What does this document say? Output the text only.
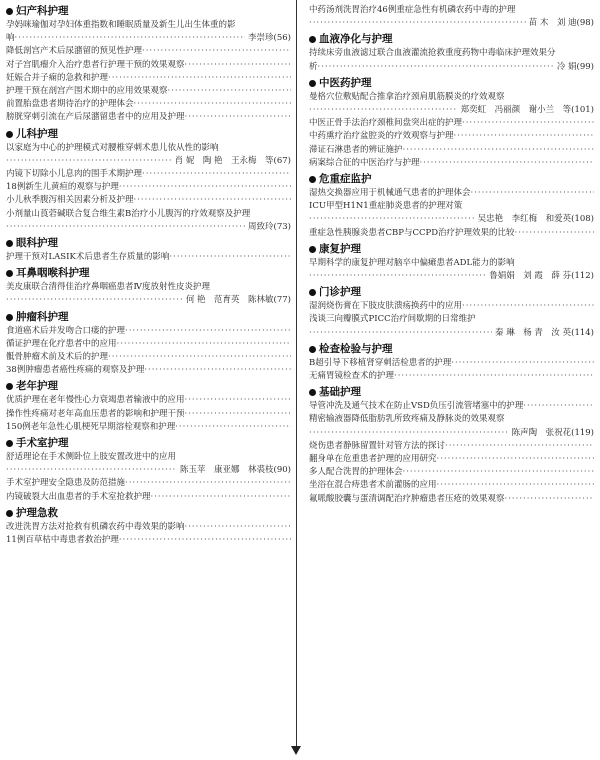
妇产科护理
孕妈咪瑜伽对孕妇体重指数和睡眠质量及新生儿出生体重的影
响 ·····	李崇珍(56)
降低剖宫产术后尿潴留的预见性护理
·····
对子宫肌瘤介入治疗患者行护理干预的效果观察
·····
妊娠合并子痫的急救和护理
·····
护理干预在剖宫产围术期中的应用效果观察
·····
前置胎盘患者期待治疗的护理体会
·····
膀胱穿刺引流在产后尿潴留患者中的应用及护理
·····
儿科护理
以家庭为中心的护理模式对腰椎穿刺术患儿依从性的影响
·····
肖 妮　陶 艳　王永梅　等(67)
内镜下切除小儿息肉的围手术期护理
·····
18例新生儿黄疸的观察与护理
·····
小儿秋季腹泻相关因素分析及护理
·····
小剂量山莨菪碱联合复合维生素B治疗小儿腹泻的疗效观察及护理
·····
周致玲(73)
眼科护理
护理干预对LASIK术后患者生存质量的影响
·····
耳鼻咽喉科护理
美皮康联合清得佳治疗鼻咽癌患者Ⅳ度放射性皮炎护理
·····
何 艳　范育英　陈林敏(77)
肿瘤科护理
食道癌术后并发吻合口瘘的护理
·····
循证护理在化疗患者中的应用
·····
骶骨肿瘤术前及术后的护理
·····
38例肿瘤患者癌性疼痛的观察及护理
·····
老年护理
优质护理在老年慢性心力衰竭患者输液中的应用
·····
操作性疼痛对老年高血压患者的影响和护理干预
·····
150例老年急性心肌梗死早期溶栓观察和护理
·····
手术室护理
舒适理论在手术侧卧位上肢安置改进中的应用
·····
陈玉苹　康亚娜　林裘枝(90)
手术室护理安全隐患及防范措施
·····
内镜破裂大出血患者的手术室抢救护理
·····
护理急救
改进洗胃方法对抢救有机磷农药中毒效果的影响
·····
11例百草枯中毒患者救治护理
·····
中药汤剂洗胃治疗46例重症急性有机磷农药中毒的护理
·····
苗 木　刘 迪(98)
血液净化与护理
持续床旁血液滤过联合血液灌流抢救重度药物中毒临床护理效果分
析 ·····	冷 娟(99)
中医药护理
曼格穴位敷贴配合推拿治疗颈肩肌筋膜炎的疗效观察
·····
郑奕虹　冯丽颜　谢小兰　等(101)
中医正骨手法治疗颈椎间盘突出症的护理
·····
中药熏疗治疗盆腔炎的疗效观察与护理
·····
滞证石淋患者的辨证施护
·····
病案综合征的中医治疗与护理
·····
危重症监护
湿热交换器应用于机械通气患者的护理体会
·····
ICU甲型H1N1重症肺炎患者的护理对策
·····
吴忠艳　李红梅　和爱英(108)
重症急性胰腺炎患者CBP与CCPD治疗护理效果的比较
·····
康复护理
早期科学的康复护理对脑卒中偏瘫患者ADL能力的影响
·····
鲁娟娟　刘 霞　薛 芬(112)
门诊护理
湿润烧伤膏在下肢皮肤溃疡换药中的应用
·····
浅谈三向瓣膜式PICC治疗间歇期的日常维护
·····
秦 琳　杨 青　汝 英(114)
检查检验与护理
B超引导下移植肾穿刺活检患者的护理
·····
无痛胃镜检查术的护理
·····
基础护理
导管冲洗及通气技术在防止VSD负压引流管堵塞中的护理
·····
精密输液器降低脂肪乳所致疼痛及静脉炎的效果观察
·····
陈声陶　张祝花(119)
烧伤患者静脉留置针对管方法的探讨
·····
翻身单在危重患者护理的应用研究
·····
多人配合洗胃的护理体会
·····
坐浴在混合痔患者术前灌肠的应用
·····
氟哌酸胶囊与蛋清调配治疗肿瘤患者压疮的效果观察
·····
